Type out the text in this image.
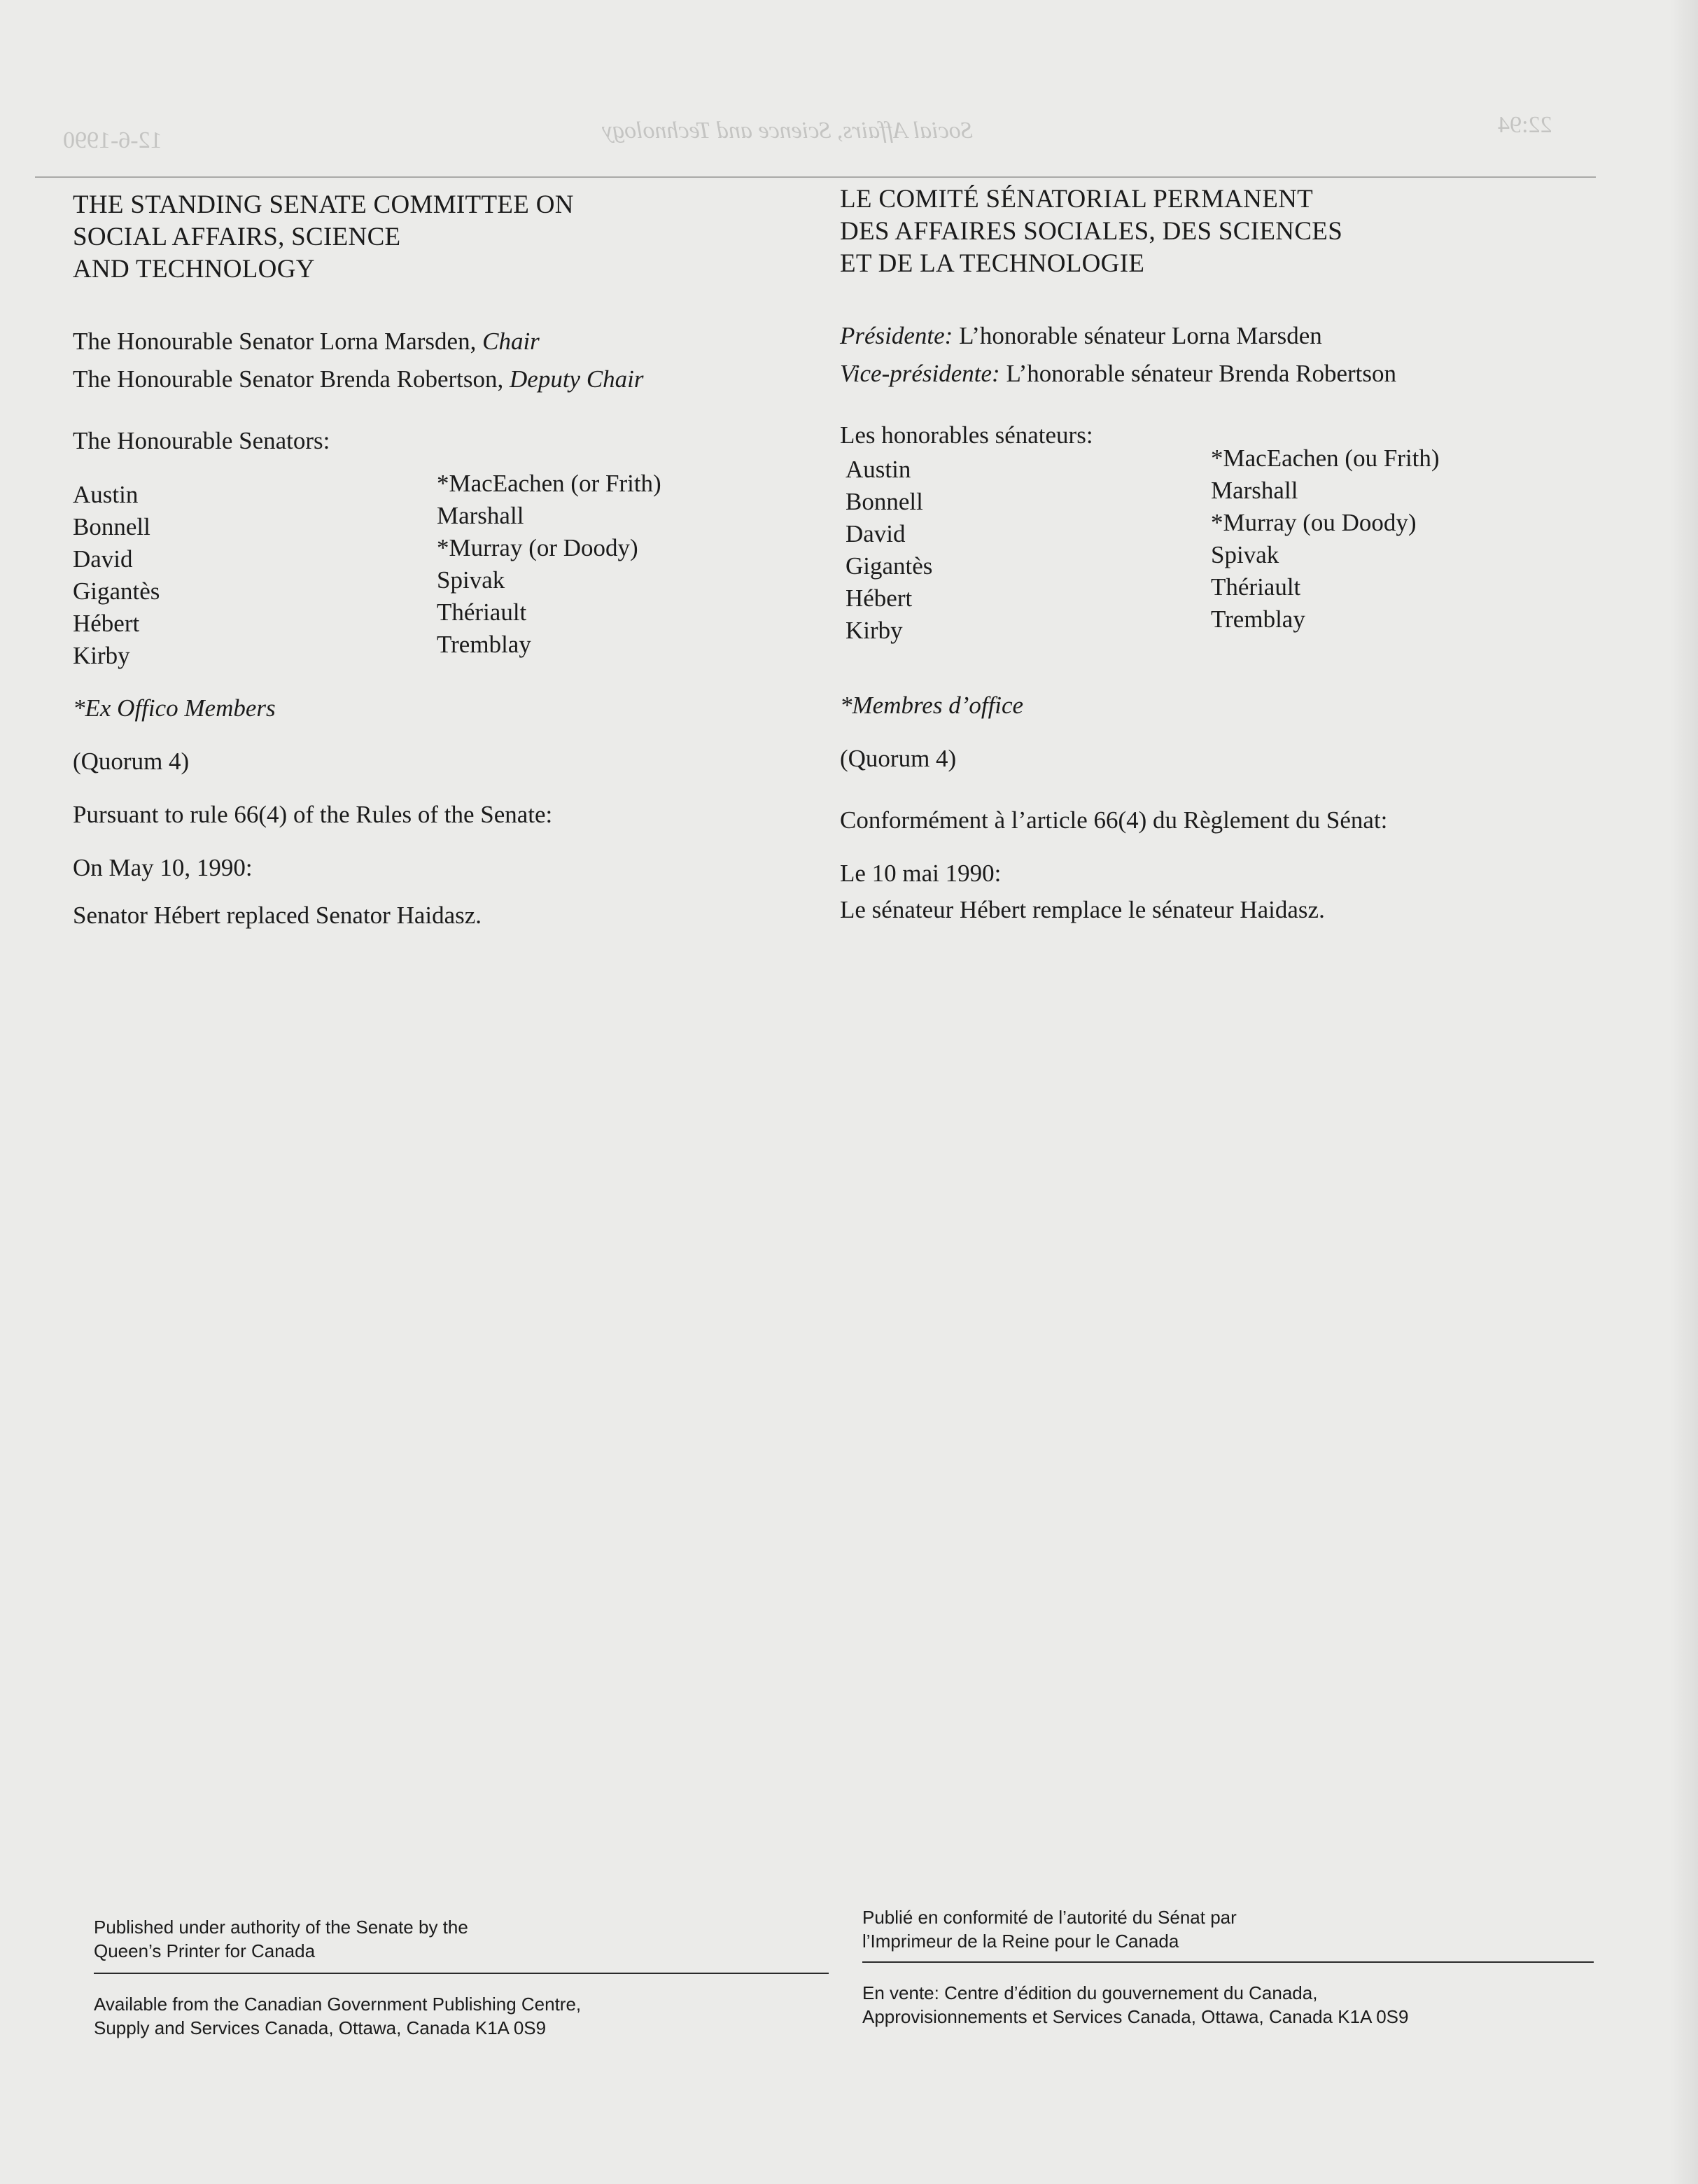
12-6-1990	Social Affairs, Science and Technology	22:94
THE STANDING SENATE COMMITTEE ON
SOCIAL AFFAIRS, SCIENCE
AND TECHNOLOGY

The Honourable Senator Lorna Marsden, Chair

The Honourable Senator Brenda Robertson, Deputy Chair

The Honourable Senators:

Austin
Bonnell
David
Gigantès
Hébert
Kirby
*MacEachen (or Frith)
Marshall
*Murray (or Doody)
Spivak
Thériault
Tremblay

*Ex Offico Members

(Quorum 4)

Pursuant to rule 66(4) of the Rules of the Senate:

On May 10, 1990:

Senator Hébert replaced Senator Haidasz.

LE COMITÉ SÉNATORIAL PERMANENT
DES AFFAIRES SOCIALES, DES SCIENCES
ET DE LA TECHNOLOGIE

Présidente: L’honorable sénateur Lorna Marsden

Vice-présidente: L’honorable sénateur Brenda Robertson

Les honorables sénateurs:

Austin
Bonnell
David
Gigantès
Hébert
Kirby
*MacEachen (ou Frith)
Marshall
*Murray (ou Doody)
Spivak
Thériault
Tremblay

*Membres d’office

(Quorum 4)

Conformément à l’article 66(4) du Règlement du Sénat:

Le 10 mai 1990:

Le sénateur Hébert remplace le sénateur Haidasz.

Published under authority of the Senate by the
Queen’s Printer for Canada
Available from the Canadian Government Publishing Centre,
Supply and Services Canada, Ottawa, Canada K1A 0S9
Publié en conformité de l’autorité du Sénat par
l’Imprimeur de la Reine pour le Canada
En vente: Centre d’édition du gouvernement du Canada,
Approvisionnements et Services Canada, Ottawa, Canada K1A 0S9
